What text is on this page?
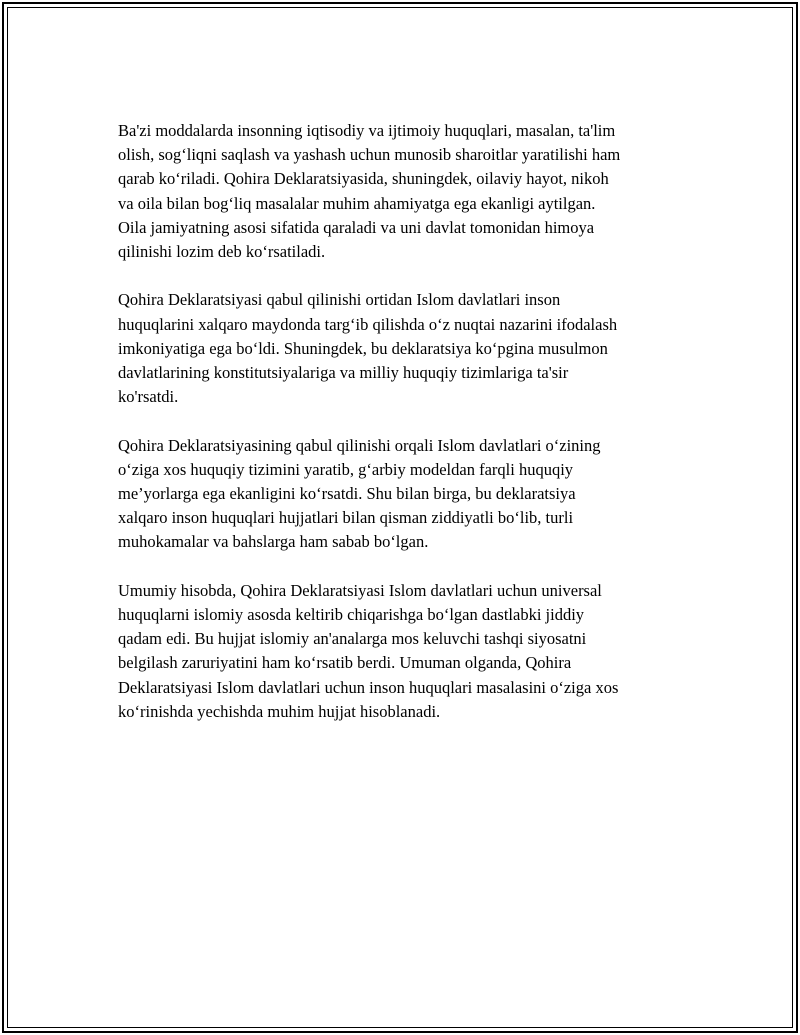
Ba'zi moddalarda insonning iqtisodiy va ijtimoiy huquqlari, masalan, ta'lim
olish, sog‘liqni saqlash va yashash uchun munosib sharoitlar yaratilishi ham
qarab ko‘riladi. Qohira Deklaratsiyasida, shuningdek, oilaviy hayot, nikoh
va oila bilan bog‘liq masalalar muhim ahamiyatga ega ekanligi aytilgan.
Oila jamiyatning asosi sifatida qaraladi va uni davlat tomonidan himoya
qilinishi lozim deb ko‘rsatiladi.

Qohira Deklaratsiyasi qabul qilinishi ortidan Islom davlatlari inson
huquqlarini xalqaro maydonda targ‘ib qilishda o‘z nuqtai nazarini ifodalash
imkoniyatiga ega bo‘ldi. Shuningdek, bu deklaratsiya ko‘pgina musulmon
davlatlarining konstitutsiyalariga va milliy huquqiy tizimlariga ta'sir
ko'rsatdi.

Qohira Deklaratsiyasining qabul qilinishi orqali Islom davlatlari o‘zining
o‘ziga xos huquqiy tizimini yaratib, g‘arbiy modeldan farqli huquqiy
me’yorlarga ega ekanligini ko‘rsatdi. Shu bilan birga, bu deklaratsiya
xalqaro inson huquqlari hujjatlari bilan qisman ziddiyatli bo‘lib, turli
muhokamalar va bahslarga ham sabab bo‘lgan.

Umumiy hisobda, Qohira Deklaratsiyasi Islom davlatlari uchun universal
huquqlarni islomiy asosda keltirib chiqarishga bo‘lgan dastlabki jiddiy
qadam edi. Bu hujjat islomiy an'analarga mos keluvchi tashqi siyosatni
belgilash zaruriyatini ham ko‘rsatib berdi. Umuman olganda, Qohira
Deklaratsiyasi Islom davlatlari uchun inson huquqlari masalasini o‘ziga xos
ko‘rinishda yechishda muhim hujjat hisoblanadi.
